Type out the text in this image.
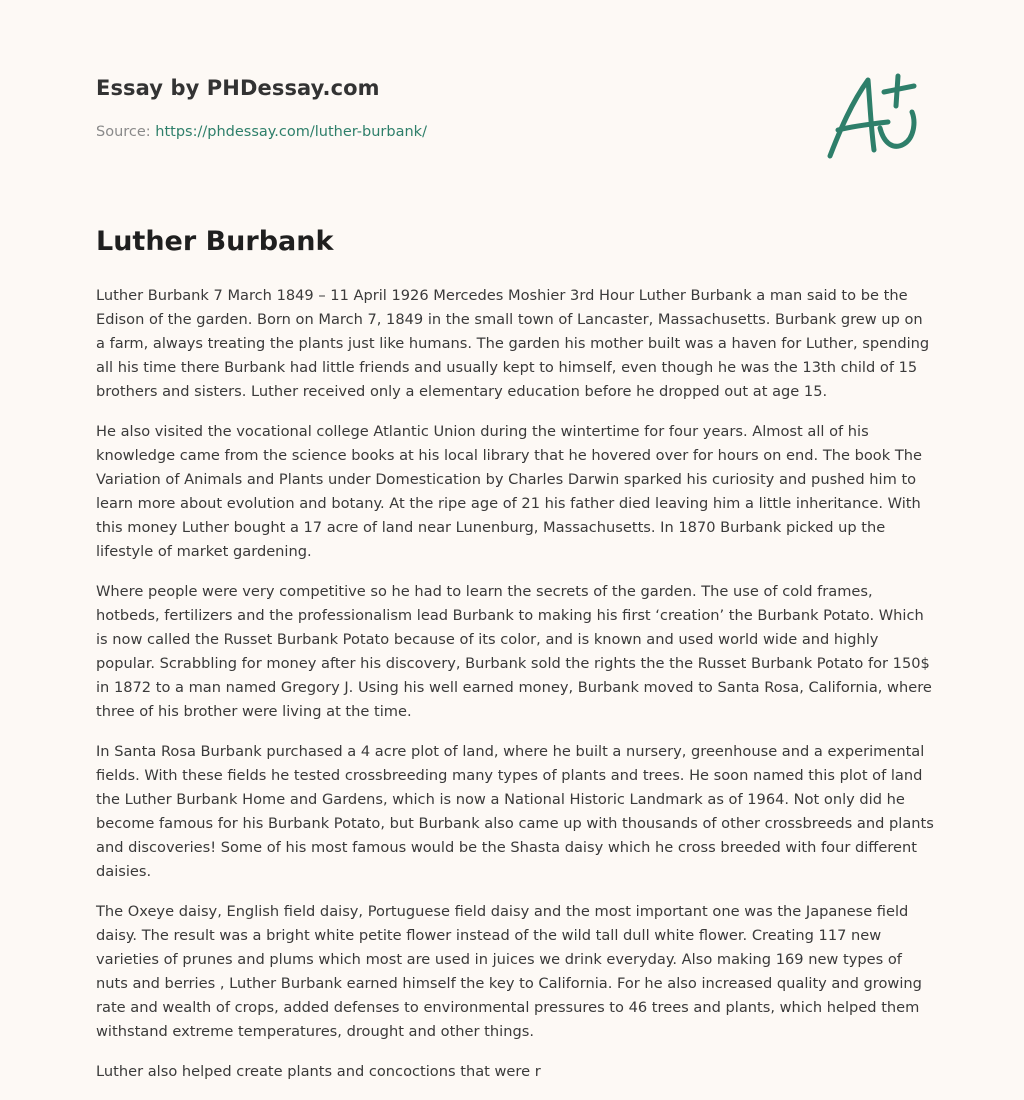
Essay by PHDessay.com
Source: https://phdessay.com/luther-burbank/
Luther Burbank

Luther Burbank 7 March 1849 – 11 April 1926 Mercedes Moshier 3rd Hour Luther Burbank a man said to be the Edison of the garden. Born on March 7, 1849 in the small town of Lancaster, Massachusetts. Burbank grew up on a farm, always treating the plants just like humans. The garden his mother built was a haven for Luther, spending all his time there Burbank had little friends and usually kept to himself, even though he was the 13th child of 15 brothers and sisters. Luther received only a elementary education before he dropped out at age 15.

He also visited the vocational college Atlantic Union during the wintertime for four years. Almost all of his knowledge came from the science books at his local library that he hovered over for hours on end. The book The Variation of Animals and Plants under Domestication by Charles Darwin sparked his curiosity and pushed him to learn more about evolution and botany. At the ripe age of 21 his father died leaving him a little inheritance. With this money Luther bought a 17 acre of land near Lunenburg, Massachusetts. In 1870 Burbank picked up the lifestyle of market gardening.

Where people were very competitive so he had to learn the secrets of the garden. The use of cold frames, hotbeds, fertilizers and the professionalism lead Burbank to making his first ‘creation’ the Burbank Potato. Which is now called the Russet Burbank Potato because of its color, and is known and used world wide and highly popular. Scrabbling for money after his discovery, Burbank sold the rights the the Russet Burbank Potato for 150$ in 1872 to a man named Gregory J. Using his well earned money, Burbank moved to Santa Rosa, California, where three of his brother were living at the time.

In Santa Rosa Burbank purchased a 4 acre plot of land, where he built a nursery, greenhouse and a experimental fields. With these fields he tested crossbreeding many types of plants and trees. He soon named this plot of land the Luther Burbank Home and Gardens, which is now a National Historic Landmark as of 1964. Not only did he become famous for his Burbank Potato, but Burbank also came up with thousands of other crossbreeds and plants and discoveries! Some of his most famous would be the Shasta daisy which he cross breeded with four different daisies.

The Oxeye daisy, English field daisy, Portuguese field daisy and the most important one was the Japanese field daisy. The result was a bright white petite flower instead of the wild tall dull white flower. Creating 117 new varieties of prunes and plums which most are used in juices we drink everyday. Also making 169 new types of nuts and berries , Luther Burbank earned himself the key to California. For he also increased quality and growing rate and wealth of crops, added defenses to environmental pressures to 46 trees and plants, which helped them withstand extreme temperatures, drought and other things.

Luther also helped create plants and concoctions that were r
